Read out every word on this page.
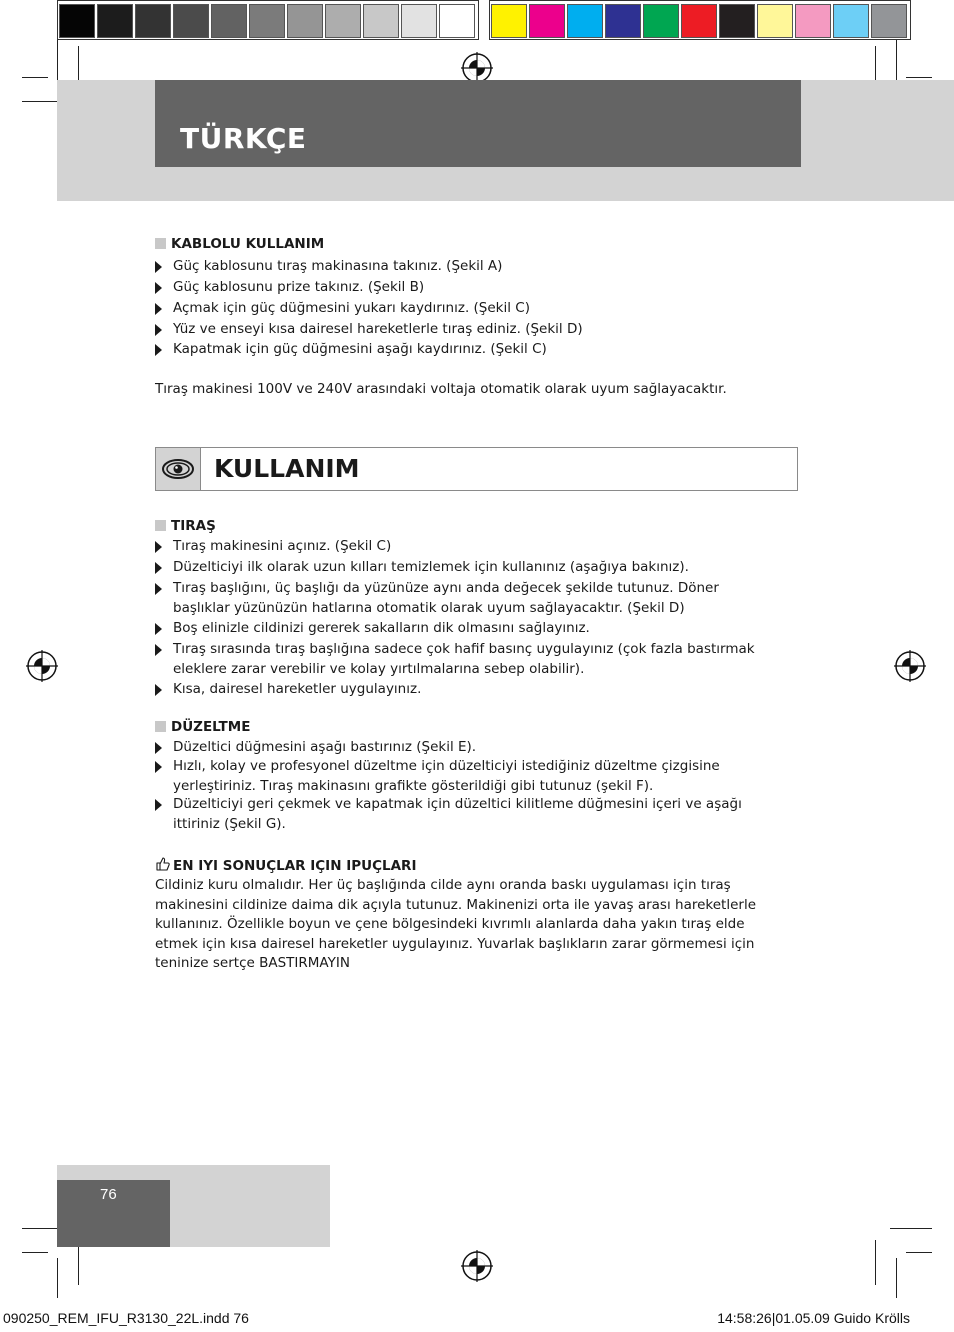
TÜRKÇE
KABLOLU KULLANIM
Güç kablosunu tıraş makinasına takınız. (Şekil A)
Güç kablosunu prize takınız. (Şekil B)
Açmak için güç düğmesini yukarı kaydırınız. (Şekil C)
Yüz ve enseyi kısa dairesel hareketlerle tıraş ediniz. (Şekil D)
Kapatmak için güç düğmesini aşağı kaydırınız. (Şekil C)
Tıraş makinesi 100V ve 240V arasındaki voltaja otomatik olarak uyum sağlayacaktır.
KULLANIM
TIRAŞ
Tıraş makinesini açınız. (Şekil C)
Düzelticiyi ilk olarak uzun kılları temizlemek için kullanınız (aşağıya bakınız).
Tıraş başlığını, üç başlığı da yüzünüze aynı anda değecek şekilde tutunuz. Döner başlıklar yüzünüzün hatlarına otomatik olarak uyum sağlayacaktır. (Şekil D)
Boş elinizle cildinizi gererek sakalların dik olmasını sağlayınız.
Tıraş sırasında tıraş başlığına sadece çok hafif basınç uygulayınız (çok fazla bastırmak eleklere zarar verebilir ve kolay yırtılmalarına sebep olabilir).
Kısa, dairesel hareketler uygulayınız.
DÜZELTME
Düzeltici düğmesini aşağı bastırınız (Şekil E).
Hızlı, kolay ve profesyonel düzeltme için düzelticiyi istediğiniz düzeltme çizgisine yerleştiriniz. Tıraş makinasını grafikte gösterildiği gibi tutunuz (şekil F).
Düzelticiyi geri çekmek ve kapatmak için düzeltici kilitleme düğmesini içeri ve aşağı ittiriniz (Şekil G).
EN IYI SONUÇLAR IÇIN IPUÇLARI
Cildiniz kuru olmalıdır. Her üç başlığında cilde aynı oranda baskı uygulaması için tıraş makinesini cildinize daima dik açıyla tutunuz. Makinenizi orta ile yavaş arası hareketlerle kullanınız. Özellikle boyun ve çene bölgesindeki kıvrımlı alanlarda daha yakın tıraş elde etmek için kısa dairesel hareketler uygulayınız. Yuvarlak başlıkların zarar görmemesi için teninize sertçe BASTIRMAYIN
76
090250_REM_IFU_R3130_22L.indd 76	14:58:26|01.05.09 Guido Krölls
